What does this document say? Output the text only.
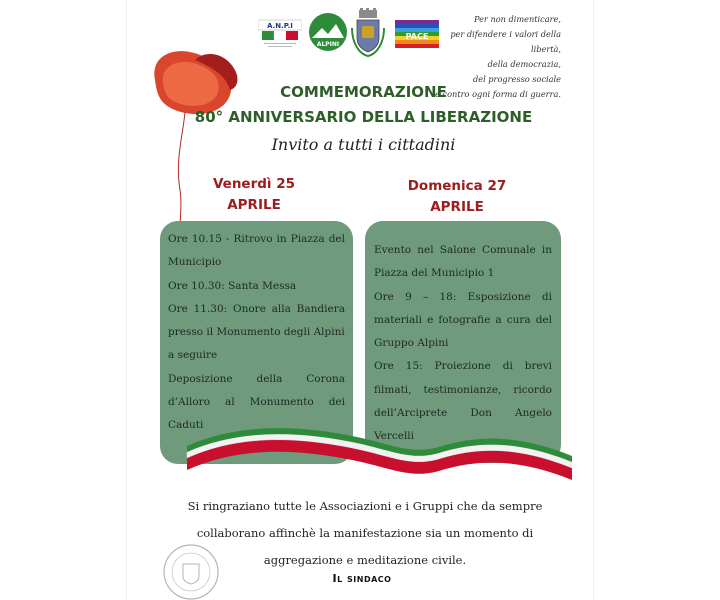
A.N.P.I
ALPINI
PACE
Per non dimenticare,
per difendere i valori della libertà,
della democrazia,
del progresso sociale
e contro ogni forma di guerra.
COMMEMORAZIONE
80° ANNIVERSARIO DELLA LIBERAZIONE
Invito a tutti i cittadini
Venerdì 25
APRILE
Domenica 27
APRILE

Ore 10.15 - Ritrovo in Piazza del Municipio

Ore 10.30: Santa Messa

Ore 11.30: Onore alla Bandiera presso il Monumento degli Alpini

a seguire

Deposizione della Corona d’Alloro al Monumento dei Caduti

Evento nel Salone Comunale in Piazza del Municipio 1

Ore 9 – 18: Esposizione di materiali e fotografie a cura del Gruppo Alpini

Ore 15: Proiezione di brevi filmati, testimonianze, ricordo dell’Arciprete Don Angelo Vercelli

Si ringraziano tutte le Associazioni e i Gruppi che da sempre
collaborano affinchè la manifestazione sia un momento di
aggregazione e meditazione civile.
Il sindaco
